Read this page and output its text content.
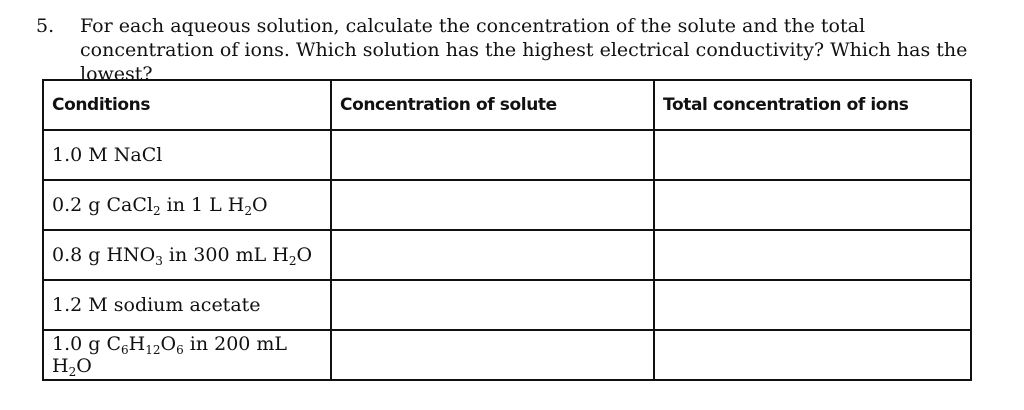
5.	For each aqueous solution, calculate the concentration of the solute and the total concentration of ions. Which solution has the highest electrical conductivity? Which has the lowest?
Conditions	Concentration of solute	Total concentration of ions
1.0 M NaCl		
0.2 g CaCl$_2$ in 1 L $H_2O$		
0.8 g $HNO_3$ in 300 mL $H_2O$		
1.2 M sodium acetate		
1.0 g $C_6H_{12}O_6$ in 200 mL $H_2O$		
